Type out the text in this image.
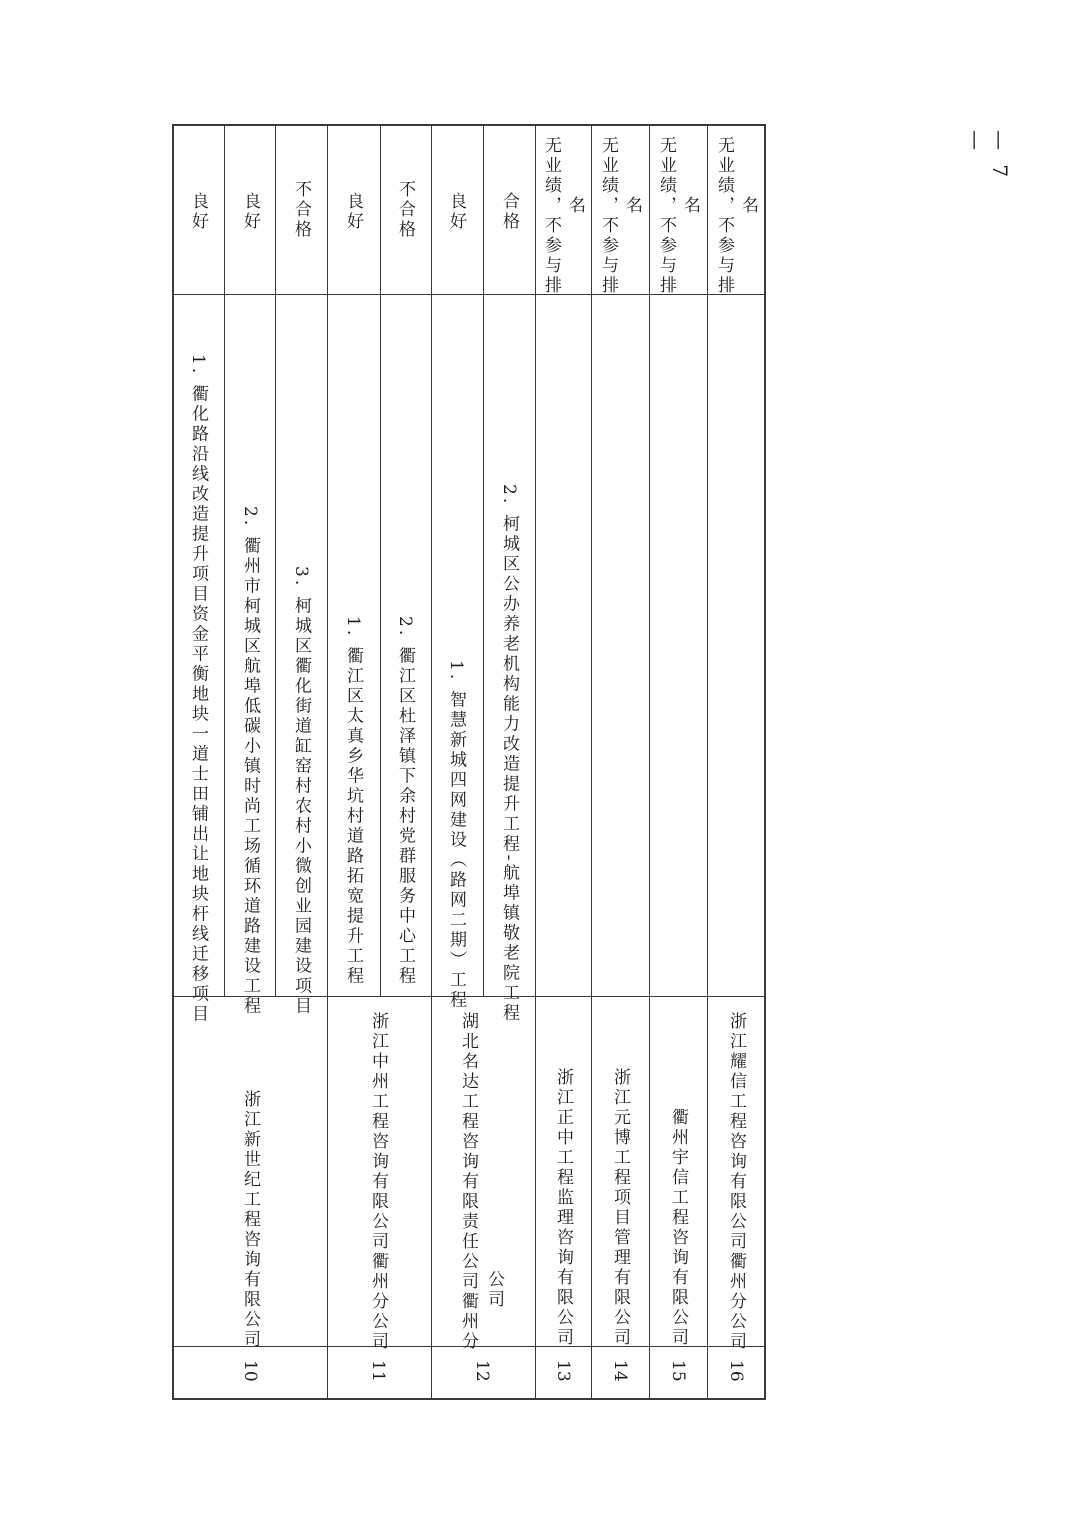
10
浙江新世纪工程咨询有限公司
1. 衢化路沿线改造提升项目资金平衡地块一道士田铺出让地块杆线迁移项目
良好
2. 衢州市柯城区航埠低碳小镇时尚工场循环道路建设工程
良好
3. 柯城区衢化街道缸窑村农村小微创业园建设项目
不合格
11
浙江中州工程咨询有限公司衢州分公司
1. 衢江区太真乡华坑村道路拓宽提升工程
良好
2. 衢江区杜泽镇下余村党群服务中心工程
不合格
12
湖北名达工程咨询有限责任公司衢州分 公司
1. 智慧新城四网建设（路网二期）工程
良好
2. 柯城区公办养老机构能力改造提升工程-航埠镇敬老院工程
合格
13
浙江正中工程监理咨询有限公司
无业绩，不参与排 名
14
浙江元博工程项目管理有限公司
无业绩，不参与排 名
15
衢州宇信工程咨询有限公司
无业绩，不参与排 名
16
浙江耀信工程咨询有限公司衢州分公司
无业绩，不参与排 名
— 7 —
